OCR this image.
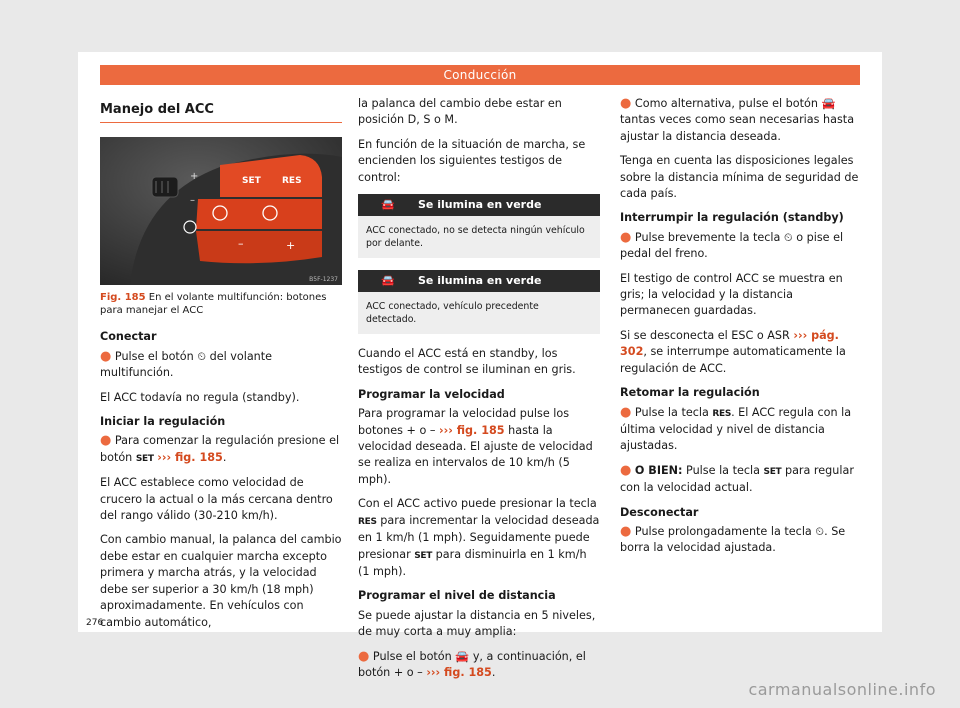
Conducción
Manejo del ACC
+
–
SET RES
–	+
B5F-1237
Fig. 185 En el volante multifunción: botones para manejar el ACC
Conectar

● Pulse el botón ⏲ del volante multifunción.

El ACC todavía no regula (standby).

Iniciar la regulación

● Para comenzar la regulación presione el botón SET ››› fig. 185.

El ACC establece como velocidad de crucero la actual o la más cercana dentro del rango válido (30-210 km/h).

Con cambio manual, la palanca del cambio debe estar en cualquier marcha excepto primera y marcha atrás, y la velocidad debe ser superior a 30 km/h (18 mph) aproximadamente. En vehículos con cambio automático,

la palanca del cambio debe estar en posición D, S o M.

En función de la situación de marcha, se encienden los siguientes testigos de control:

🚘	Se ilumina en verde
ACC conectado, no se detecta ningún vehículo por delante.
🚘	Se ilumina en verde
ACC conectado, vehículo precedente detectado.

Cuando el ACC está en standby, los testigos de control se iluminan en gris.

Programar la velocidad

Para programar la velocidad pulse los botones + o – ››› fig. 185 hasta la velocidad deseada. El ajuste de velocidad se realiza en intervalos de 10 km/h (5 mph).

Con el ACC activo puede presionar la tecla RES para incrementar la velocidad deseada en 1 km/h (1 mph). Seguidamente puede presionar SET para disminuirla en 1 km/h (1 mph).

Programar el nivel de distancia

Se puede ajustar la distancia en 5 niveles, de muy corta a muy amplia:

● Pulse el botón 🚘 y, a continuación, el botón + o – ››› fig. 185.

● Como alternativa, pulse el botón 🚘 tantas veces como sean necesarias hasta ajustar la distancia deseada.

Tenga en cuenta las disposiciones legales sobre la distancia mínima de seguridad de cada país.

Interrumpir la regulación (standby)

● Pulse brevemente la tecla ⏲ o pise el pedal del freno.

El testigo de control ACC se muestra en gris; la velocidad y la distancia permanecen guardadas.

Si se desconecta el ESC o ASR ››› pág. 302, se interrumpe automaticamente la regulación de ACC.

Retomar la regulación

● Pulse la tecla RES. El ACC regula con la última velocidad y nivel de distancia ajustadas.

● O BIEN: Pulse la tecla SET para regular con la velocidad actual.

Desconectar

● Pulse prolongadamente la tecla ⏲. Se borra la velocidad ajustada.

276
carmanualsonline.info
